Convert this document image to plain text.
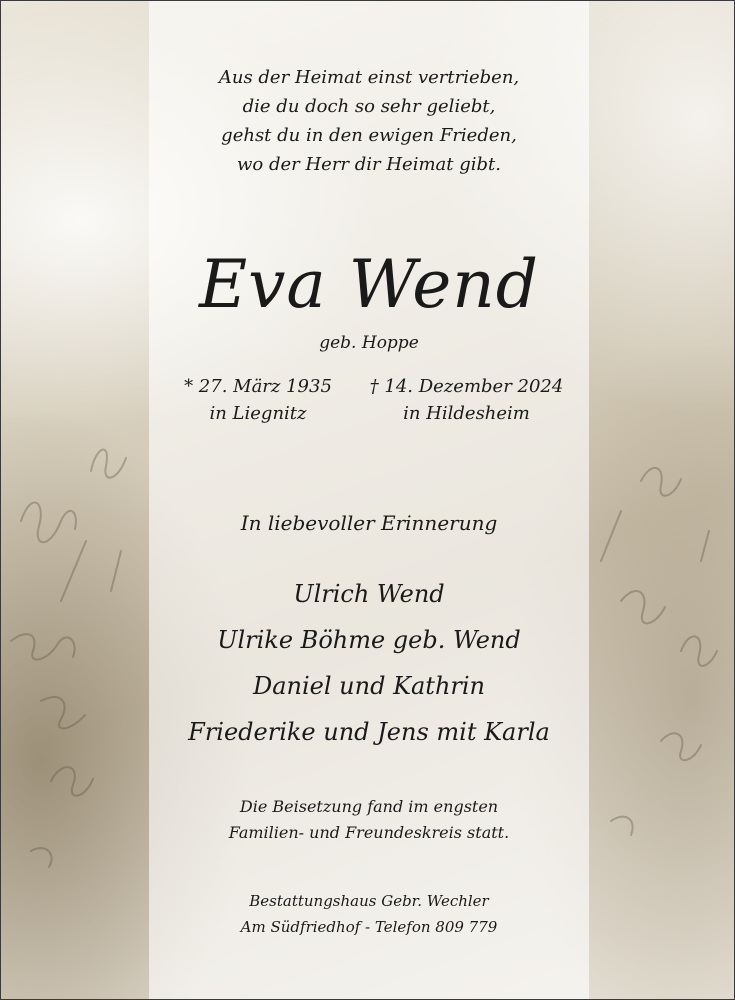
Aus der Heimat einst vertrieben,
die du doch so sehr geliebt,
gehst du in den ewigen Frieden,
wo der Herr dir Heimat gibt.
Eva Wend
geb. Hoppe
* 27. März 1935
in Liegnitz
† 14. Dezember 2024
in Hildesheim
In liebevoller Erinnerung
Ulrich Wend
Ulrike Böhme geb. Wend
Daniel und Kathrin
Friederike und Jens mit Karla
Die Beisetzung fand im engsten
Familien- und Freundeskreis statt.
Bestattungshaus Gebr. Wechler
Am Südfriedhof - Telefon 809 779
